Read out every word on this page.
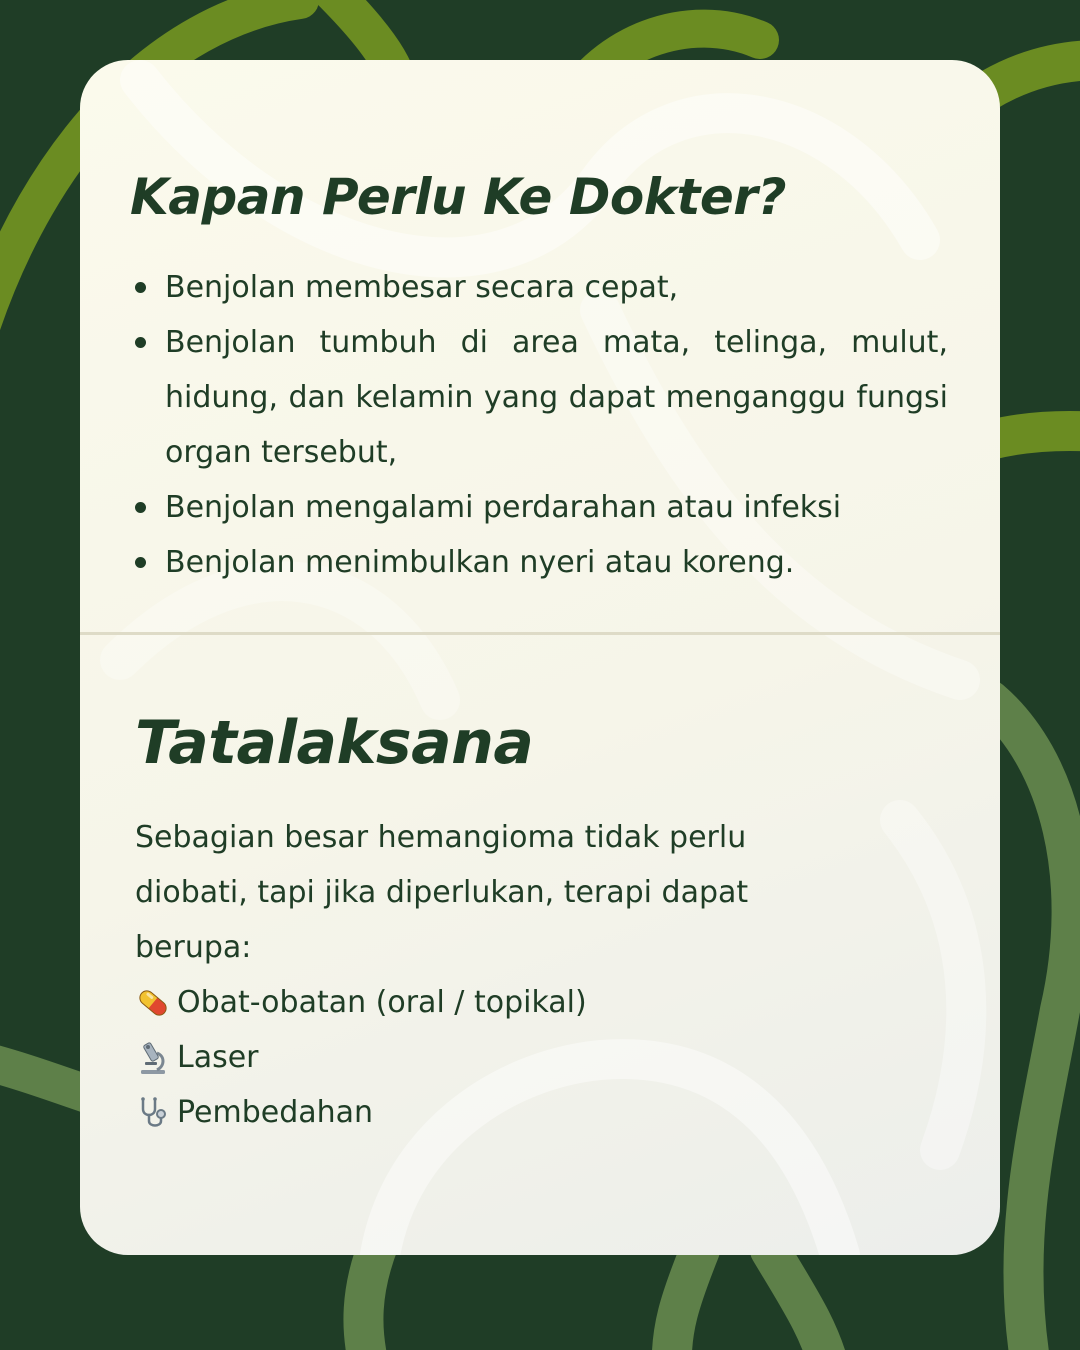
Kapan Perlu Ke Dokter?
Benjolan membesar secara cepat,
Benjolan tumbuh di area mata, telinga, mulut, hidung, dan kelamin yang dapat menganggu fungsi organ tersebut,
Benjolan mengalami perdarahan atau infeksi
Benjolan menimbulkan nyeri atau koreng.
Tatalaksana

Sebagian besar hemangioma tidak perlu diobati, tapi jika diperlukan, terapi dapat berupa:

Obat-obatan (oral / topikal)
Laser
Pembedahan
